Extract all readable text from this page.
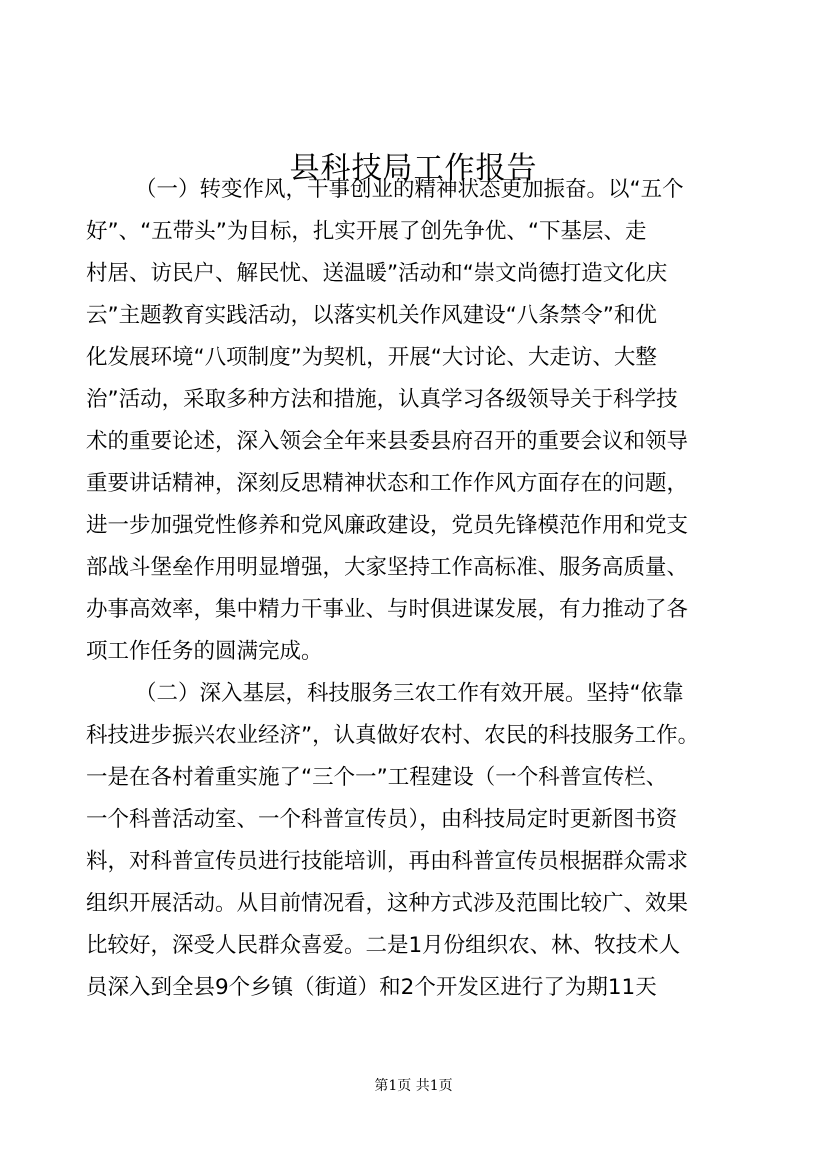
县科技局工作报告
（一）转变作风，干事创业的精神状态更加振奋。以“五个
好”、“五带头”为目标，扎实开展了创先争优、“下基层、走
村居、访民户、解民忧、送温暖”活动和“崇文尚德打造文化庆
云”主题教育实践活动，以落实机关作风建设“八条禁令”和优
化发展环境“八项制度”为契机，开展“大讨论、大走访、大整
治”活动，采取多种方法和措施，认真学习各级领导关于科学技
术的重要论述，深入领会全年来县委县府召开的重要会议和领导
重要讲话精神，深刻反思精神状态和工作作风方面存在的问题，
进一步加强党性修养和党风廉政建设，党员先锋模范作用和党支
部战斗堡垒作用明显增强，大家坚持工作高标准、服务高质量、
办事高效率，集中精力干事业、与时俱进谋发展，有力推动了各
项工作任务的圆满完成。
（二）深入基层，科技服务三农工作有效开展。坚持“依靠
科技进步振兴农业经济”，认真做好农村、农民的科技服务工作。
一是在各村着重实施了“三个一”工程建设（一个科普宣传栏、
一个科普活动室、一个科普宣传员），由科技局定时更新图书资
料，对科普宣传员进行技能培训，再由科普宣传员根据群众需求
组织开展活动。从目前情况看，这种方式涉及范围比较广、效果
比较好，深受人民群众喜爱。二是1月份组织农、林、牧技术人
员深入到全县9个乡镇（街道）和2个开发区进行了为期11天
第1页 共1页
